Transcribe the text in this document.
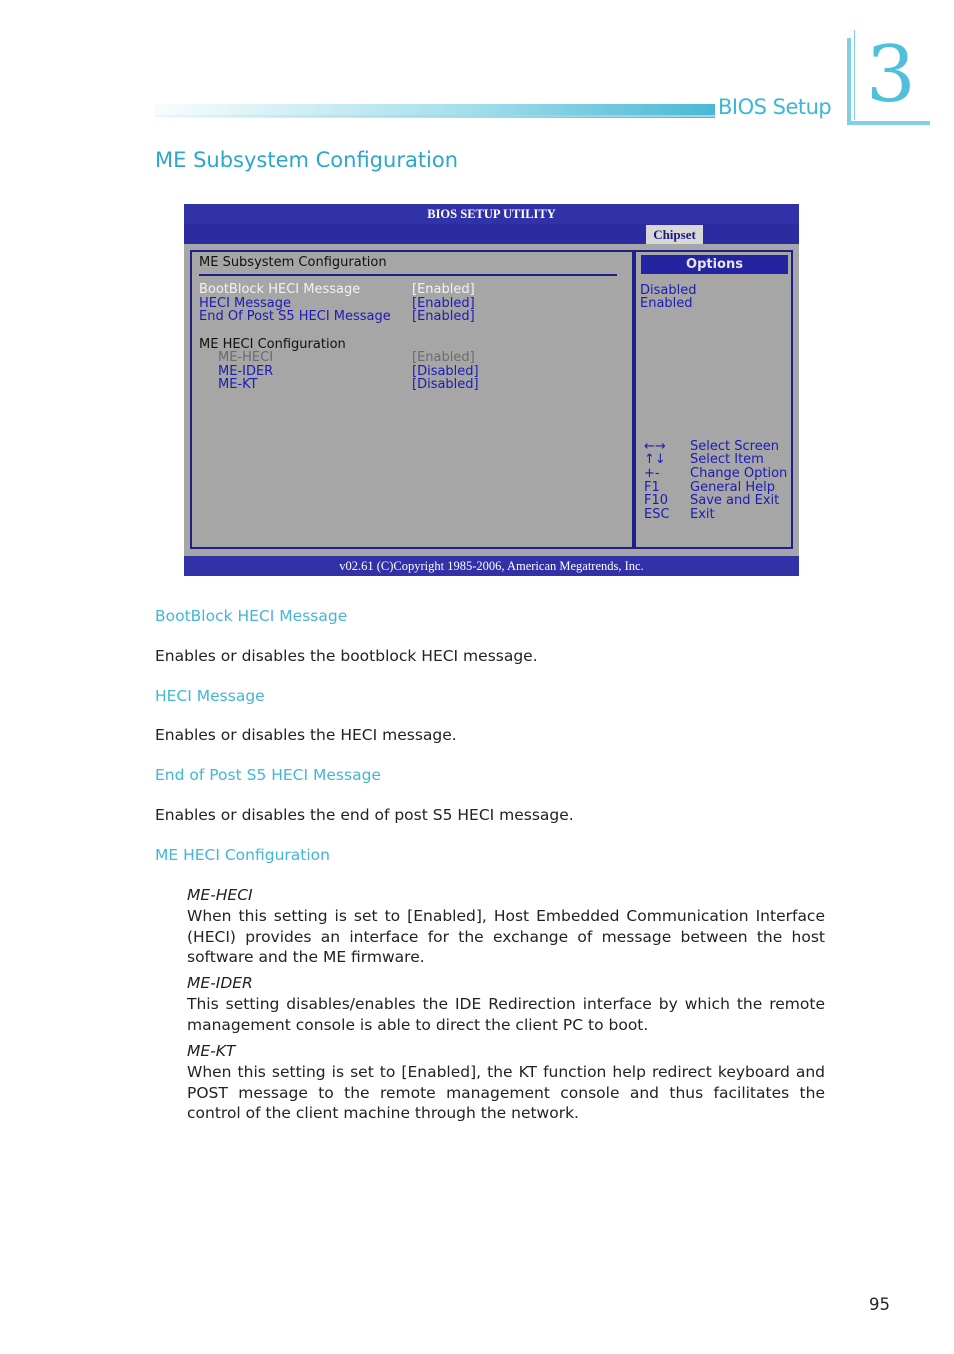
BIOS Setup 3
ME Subsystem Configuration
BIOS SETUP UTILITY
Chipset
v02.61 (C)Copyright 1985-2006, American Megatrends, Inc.
ME Subsystem Configuration
BootBlock HECI Message	[Enabled]
HECI Message	[Enabled]
End Of Post S5 HECI Message [Enabled]
ME HECI Configuration
ME-HECI	[Enabled]
ME-IDER	[Disabled]
ME-KT	[Disabled]
Options
Disabled
Enabled
←→ Select Screen
↑↓ Select Item
+- Change Option
F1 General Help
F10 Save and Exit
ESC Exit
BootBlock HECI Message
Enables or disables the bootblock HECI message.
HECI Message
Enables or disables the HECI message.
End of Post S5 HECI Message
Enables or disables the end of post S5 HECI message.
ME HECI Configuration
ME-HECI

When this setting is set to [Enabled], Host Embedded Communication Interface (HECI) provides an interface for the exchange of message between the host software and the ME firmware.

ME-IDER

This setting disables/enables the IDE Redirection interface by which the remote management console is able to direct the client PC to boot.

ME-KT

When this setting is set to [Enabled], the KT function help redirect keyboard and POST message to the remote management console and thus facilitates the control of the client machine through the network.

95
